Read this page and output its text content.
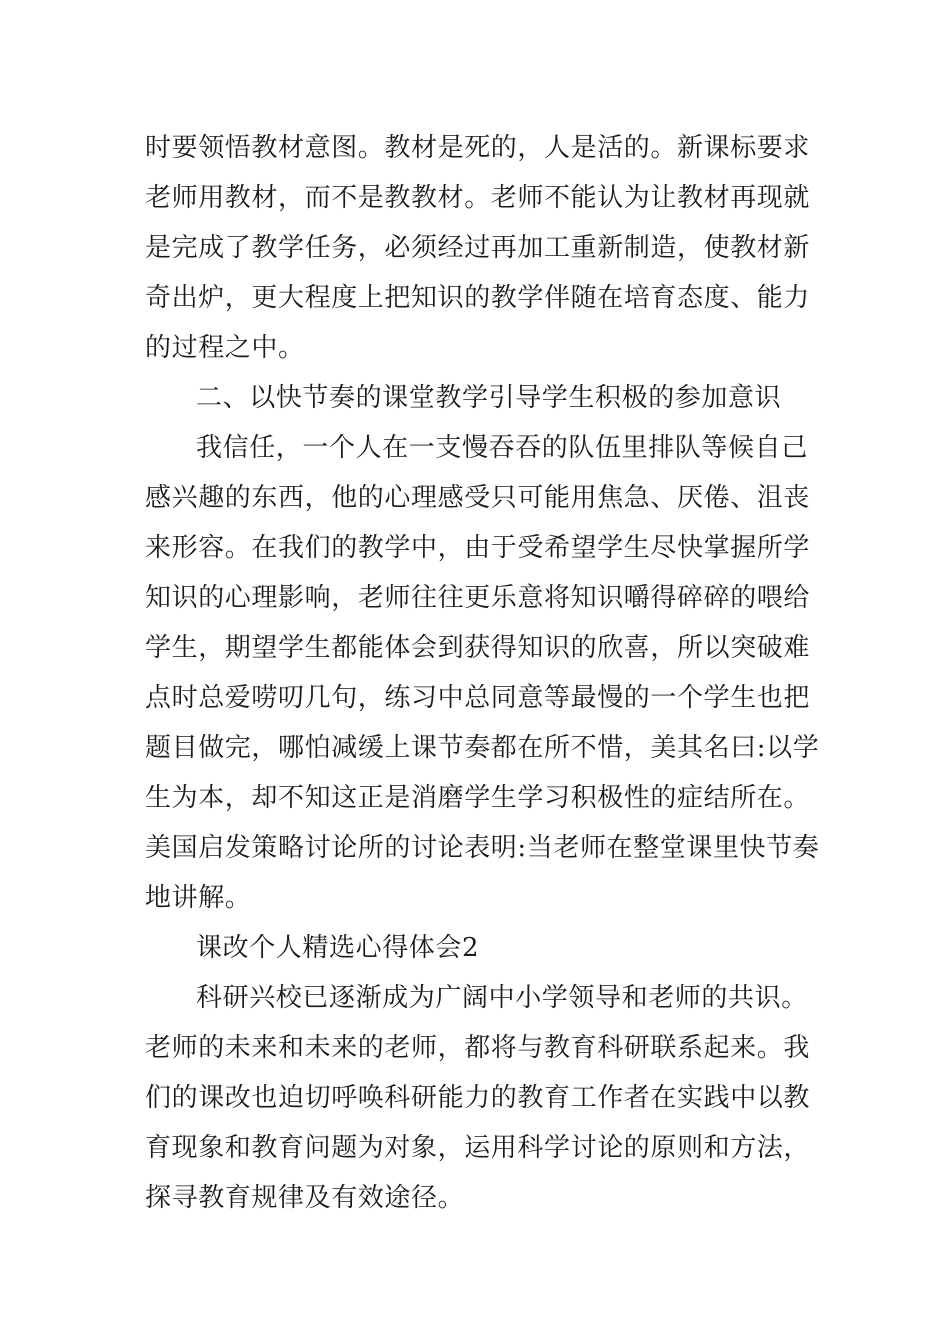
时要领悟教材意图。教材是死的，人是活的。新课标要求
老师用教材，而不是教教材。老师不能认为让教材再现就
是完成了教学任务，必须经过再加工重新制造，使教材新
奇出炉，更大程度上把知识的教学伴随在培育态度、能力
的过程之中。
二、以快节奏的课堂教学引导学生积极的参加意识
我信任，一个人在一支慢吞吞的队伍里排队等候自己
感兴趣的东西，他的心理感受只可能用焦急、厌倦、沮丧
来形容。在我们的教学中，由于受希望学生尽快掌握所学
知识的心理影响，老师往往更乐意将知识嚼得碎碎的喂给
学生，期望学生都能体会到获得知识的欣喜，所以突破难
点时总爱唠叨几句，练习中总同意等最慢的一个学生也把
题目做完，哪怕减缓上课节奏都在所不惜，美其名曰:以学
生为本，却不知这正是消磨学生学习积极性的症结所在。
美国启发策略讨论所的讨论表明:当老师在整堂课里快节奏
地讲解。
课改个人精选心得体会2
科研兴校已逐渐成为广阔中小学领导和老师的共识。
老师的未来和未来的老师，都将与教育科研联系起来。我
们的课改也迫切呼唤科研能力的教育工作者在实践中以教
育现象和教育问题为对象，运用科学讨论的原则和方法，
探寻教育规律及有效途径。
